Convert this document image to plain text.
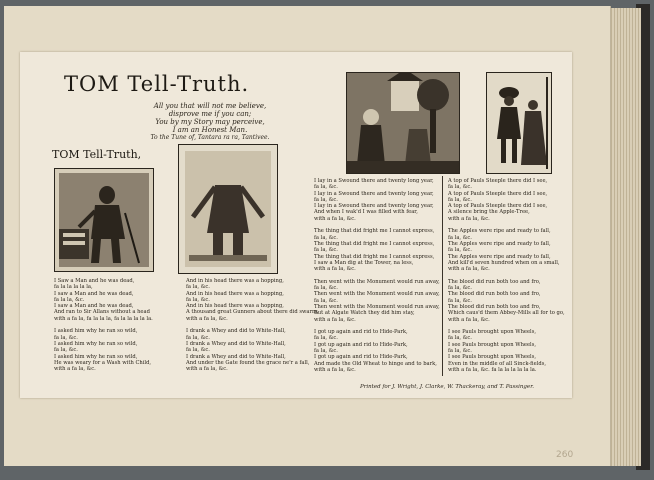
TOM Tell-Truth.
All you that will not me believe,
disprove me if you can;
You by my Story may perceive,
I am an Honest Man.
To the Tune of, Tantara ra ra, Tantivee.
TOM Tell-Truth,
I Saw a Man and he was dead,
fa la la la la la,
I saw a Man and he was dead,
fa la la, &c.
I saw a Man and he was dead,
And ran to Sir Allans without a head
with a fa la, fa la la la, fa la la la la la.
I asked him why he ran so wild,
fa la, &c.
I asked him why he ran so wild,
fa la, &c.
I asked him why he ran so wild,
He was weary for a Wash with Child,
with a fa la, &c.
And in his head there was a hopping,
fa la, &c.
And in his head there was a hopping,
fa la, &c.
And in his head there was a hopping,
A thousand great Gunners about there did swarm,
with a fa la, &c.
I drank a Whey and did to White-Hall,
fa la, &c.
I drank a Whey and did to White-Hall,
fa la, &c.
I drank a Whey and did to White-Hall,
And under the Gate found the grace ne'r a fall,
with a fa la, &c.
I lay in a Swound there and twenty long year,
fa la, &c.
I lay in a Swound there and twenty long year,
fa la, &c.
I lay in a Swound there and twenty long year,
And when I wak'd I was filled with fear,
with a fa la, &c.
The thing that did fright me I cannot express,
fa la, &c.
The thing that did fright me I cannot express,
fa la, &c.
The thing that did fright me I cannot express,
I saw a Man dig at the Tower, na less,
with a fa la, &c.
Then went with the Monument would run away,
fa la, &c.
Then went with the Monument would run away,
fa la, &c.
Then went with the Monument would run away,
But at Algate Watch they did him stay,
with a fa la, &c.
I got up again and rid to Hide-Park,
fa la, &c.
I got up again and rid to Hide-Park,
fa la, &c.
I got up again and rid to Hide-Park,
And made the Old Wheat to hinge and to bark,
with a fa la, &c.
A top of Pauls Steeple there did I see,
fa la, &c.
A top of Pauls Steeple there did I see,
fa la, &c.
A top of Pauls Steeple there did I see,
A silence bring the Apple-Tree,
with a fa la, &c.
The Apples were ripe and ready to fall,
fa la, &c.
The Apples were ripe and ready to fall,
fa la, &c.
The Apples were ripe and ready to fall,
And kill'd seven hundred when on a small,
with a fa la, &c.
The blood did run both too and fro,
fa la, &c.
The blood did run both too and fro,
fa la, &c.
The blood did run both too and fro,
Which caus'd them Abbey-Mills all for to go,
with a fa la, &c.
I see Pauls brought upon Wheels,
fa la, &c.
I see Pauls brought upon Wheels,
fa la, &c.
I see Pauls brought upon Wheels,
Even in the middle of all Sinck-fields,
with a fa la, &c. fa la la la la la la.
Printed for J. Wright, J. Clarke, W. Thackeray, and T. Passinger.
260
